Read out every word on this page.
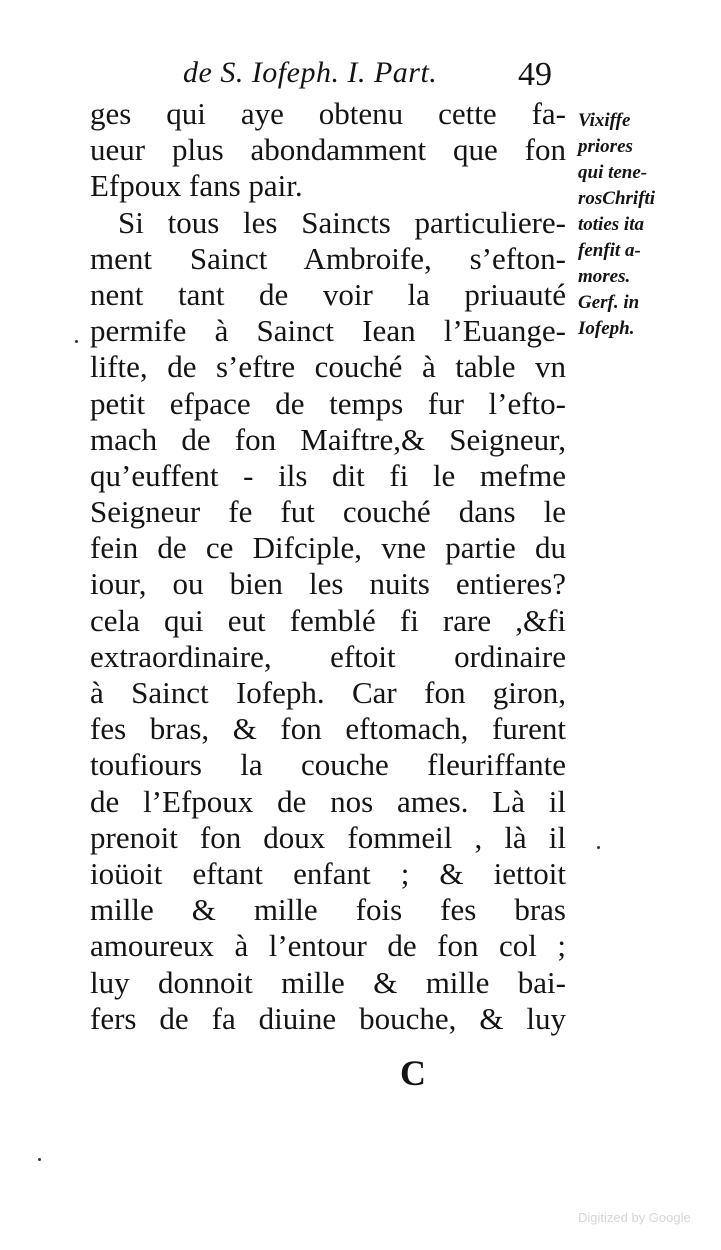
de S. Iofeph. I. Part. 49
ges qui aye obtenu cette fa-
ueur plus abondamment que fon
Efpoux fans pair.
Si tous les Saincts particuliere-
ment Sainct Ambroife, s’efton-
nent tant de voir la priuauté
permife à Sainct Iean l’Euange-
lifte, de s’eftre couché à table vn
petit efpace de temps fur l’efto-
mach de fon Maiftre,& Seigneur,
qu’euffent - ils dit fi le mefme
Seigneur fe fut couché dans le
fein de ce Difciple, vne partie du
iour, ou bien les nuits entieres?
cela qui eut femblé fi rare ,&fi
extraordinaire, eftoit ordinaire
à Sainct Iofeph. Car fon giron,
fes bras, & fon eftomach, furent
toufiours la couche fleuriffante
de l’Efpoux de nos ames. Là il
prenoit fon doux fommeil , là il
ioüoit eftant enfant ; & iettoit
mille & mille fois fes bras
amoureux à l’entour de fon col ;
luy donnoit mille & mille bai-
fers de fa diuine bouche, & luy
Vixiffe
priores
qui tene-
rosChrifti
toties ita
fenfit a-
mores.
Gerf. in
Iofeph.
C
Digitized by Google
